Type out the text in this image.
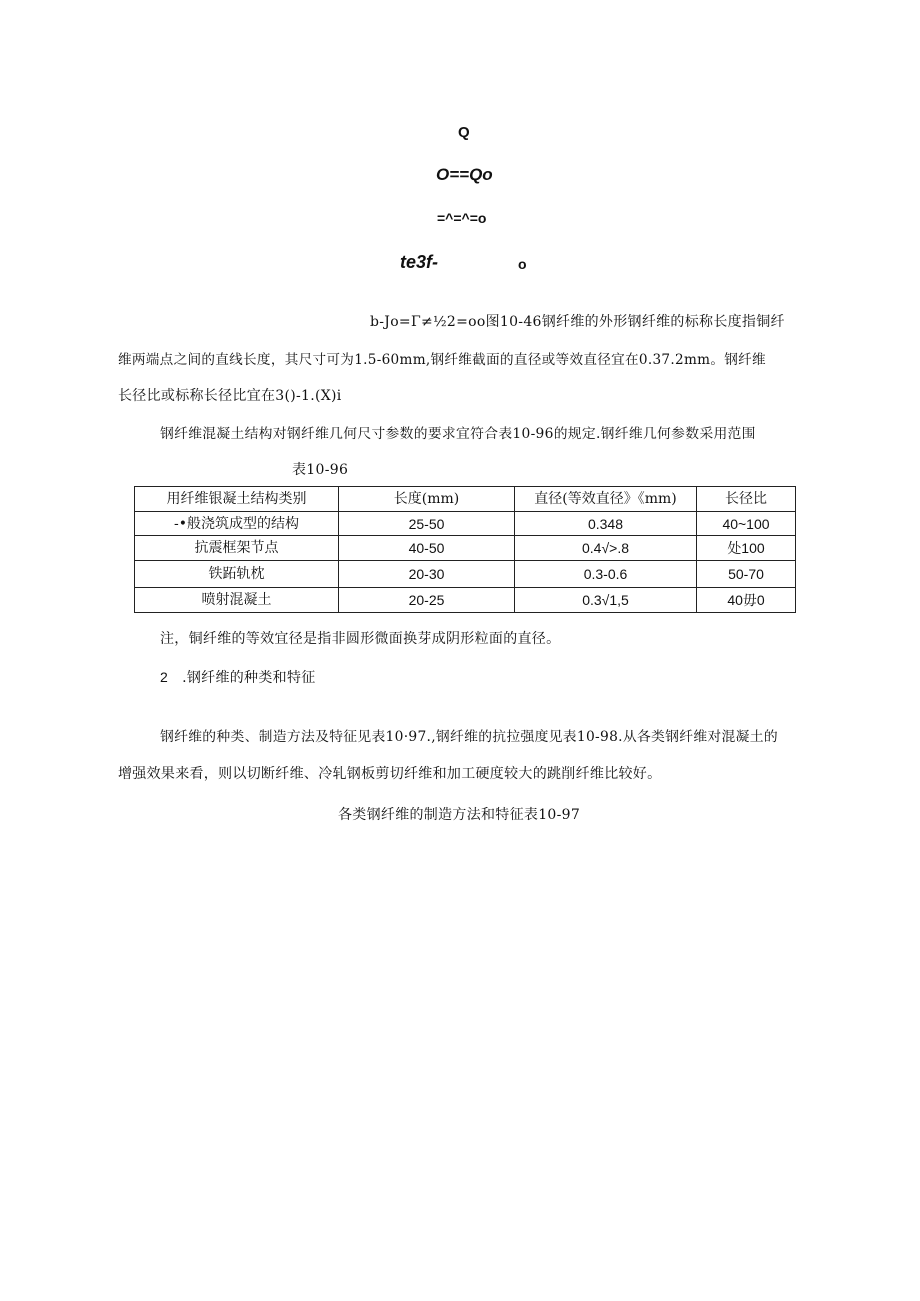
Q
O==Qo
=^=^=o
te3f-	o
b-Jo=Γ≠½2=oo图10-46钢纤维的外形钢纤维的标称长度指铜纤
维两端点之间的直线长度，其尺寸可为1.5-60mm,钢纤维截面的直径或等效直径宜在0.37.2mm。钢纤维
长径比或标称长径比宜在3()-1.(X)i
钢纤维混凝土结构对钢纤维几何尺寸参数的要求宜符合表10-96的规定.钢纤维几何参数采用范围
表10-96
用纤维银凝土结构类别	长度(mm)	直径(等效直径》《mm)	长径比
-•般浇筑成型的结构	25-50	0.348	40~100
抗震框架节点	40-50	0.4√>.8	处100
铁跖轨枕	20-30	0.3-0.6	50-70
喷射混凝土	20-25	0.3√1,5	40毋0
注，铜纤维的等效宜径是指非圆形微面换芽成阴形粒面的直径。
2 .钢纤维的种类和特征
钢纤维的种类、制造方法及特征见表10·97.,钢纤维的抗拉强度见表10-98.从各类钢纤维对混凝土的
增强效果来看，则以切断纤维、冷轧钢板剪切纤维和加工硬度较大的跳削纤维比较好。
各类钢纤维的制造方法和特征表10-97
